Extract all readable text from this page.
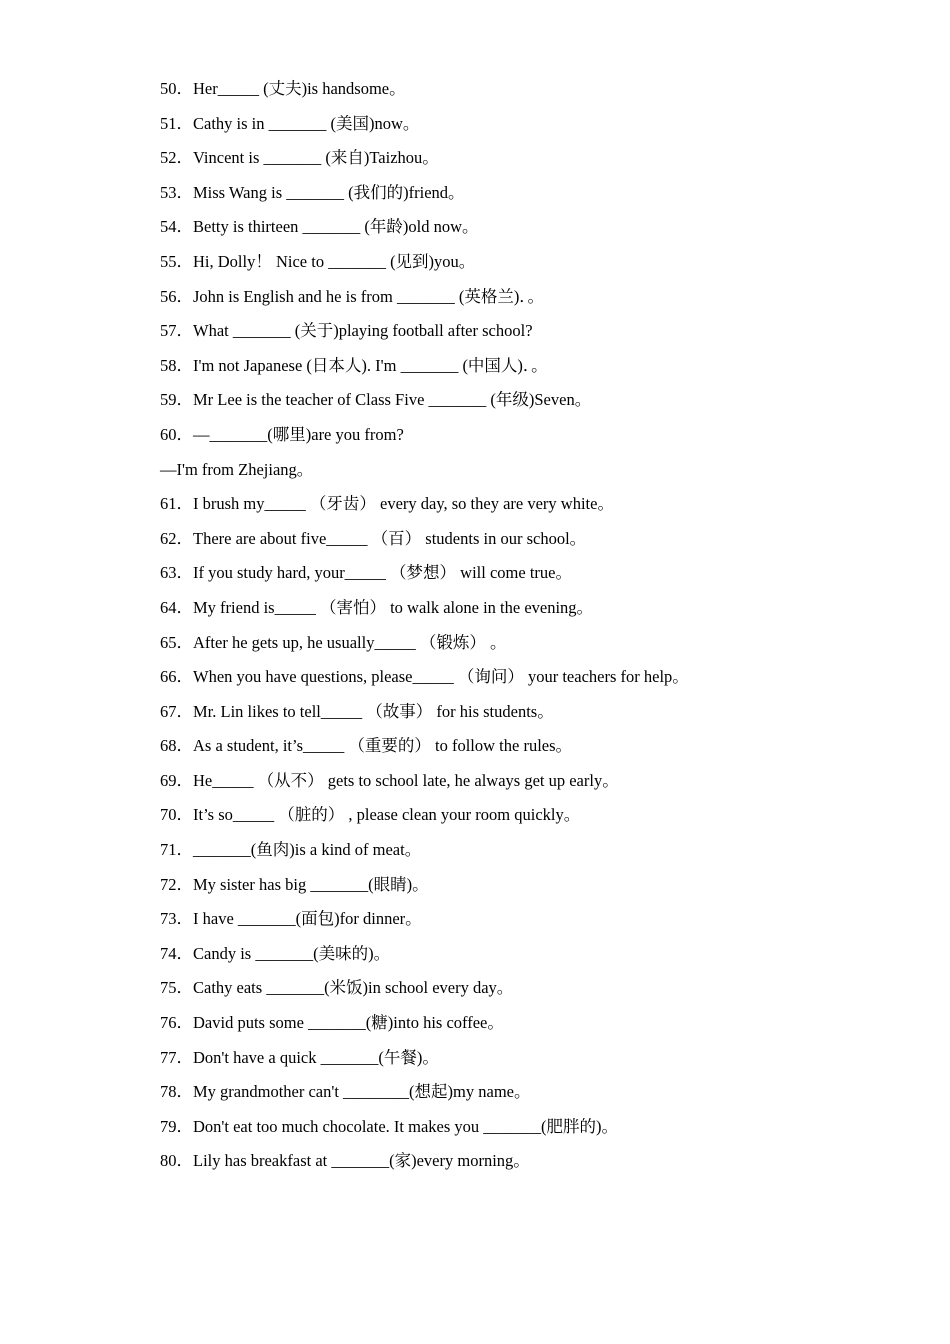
50．Her_____ (丈夫)is handsome。
51．Cathy is in _______ (美国)now。
52．Vincent is _______ (来自)Taizhou。
53．Miss Wang is _______ (我们的)friend。
54．Betty is thirteen _______ (年龄)old now。
55．Hi, Dolly！ Nice to _______ (见到)you。
56．John is English and he is from _______ (英格兰)．。
57．What _______ (关于)playing football after school?
58．I'm not Japanese (日本人). I'm _______ (中国人)．。
59．Mr Lee is the teacher of Class Five _______ (年级)Seven。
60．—_______(哪里)are you from?
—I'm from Zhejiang。
61．I brush my_____ （牙齿） every day, so they are very white。
62．There are about five_____ （百） students in our school。
63．If you study hard, your_____ （梦想） will come true。
64．My friend is_____ （害怕） to walk alone in the evening。
65．After he gets up, he usually_____ （锻炼） 。
66．When you have questions, please_____ （询问） your teachers for help。
67．Mr. Lin likes to tell_____ （故事） for his students。
68．As a student, it’s_____ （重要的） to follow the rules。
69．He_____ （从不） gets to school late, he always get up early。
70．It’s so_____ （脏的） , please clean your room quickly。
71．_______(鱼肉)is a kind of meat。
72．My sister has big _______(眼睛)。
73．I have _______(面包)for dinner。
74．Candy is _______(美味的)。
75．Cathy eats _______(米饭)in school every day。
76．David puts some _______(糖)into his coffee。
77．Don't have a quick _______(午餐)。
78．My grandmother can't ________(想起)my name。
79．Don't eat too much chocolate. It makes you _______(肥胖的)。
80．Lily has breakfast at _______(家)every morning。
